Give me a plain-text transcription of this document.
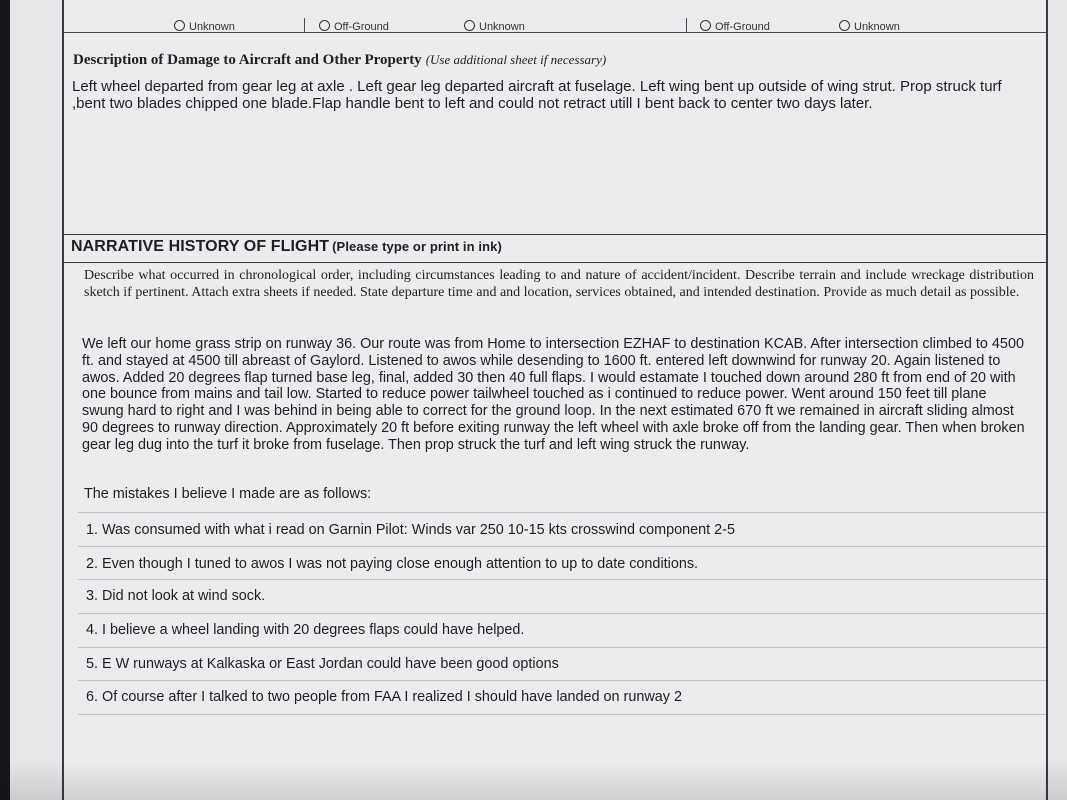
Unknown	Off-Ground	Unknown	Off-Ground	Unknown
Description of Damage to Aircraft and Other Property (Use additional sheet if necessary)
Left wheel departed from gear leg at axle . Left gear leg departed aircraft at fuselage. Left wing bent up outside of wing strut. Prop struck turf ,bent two blades chipped one blade.Flap handle bent to left and could not retract utill I bent back to center two days later.
NARRATIVE HISTORY OF FLIGHT (Please type or print in ink)
Describe what occurred in chronological order, including circumstances leading to and nature of accident/incident. Describe terrain and include wreckage distribution sketch if pertinent. Attach extra sheets if needed. State departure time and and location, services obtained, and intended destination. Provide as much detail as possible.
We left our home grass strip on runway 36. Our route was from Home to intersection EZHAF to destination KCAB. After intersection climbed to 4500 ft. and stayed at 4500 till abreast of Gaylord. Listened to awos while desending to 1600 ft. entered left downwind for runway 20. Again listened to awos. Added 20 degrees flap turned base leg, final, added 30 then 40 full flaps. I would estamate I touched down around 280 ft from end of 20 with one bounce from mains and tail low. Started to reduce power tailwheel touched as i continued to reduce power. Went around 150 feet till plane swung hard to right and I was behind in being able to correct for the ground loop. In the next estimated 670 ft we remained in aircraft sliding almost 90 degrees to runway direction. Approximately 20 ft before exiting runway the left wheel with axle broke off from the landing gear. Then when broken gear leg dug into the turf it broke from fuselage. Then prop struck the turf and left wing struck the runway.
The mistakes I believe I made are as follows:
1. Was consumed with what i read on Garnin Pilot: Winds var 250 10-15 kts crosswind component 2-5
2. Even though I tuned to awos I was not paying close enough attention to up to date conditions.
3. Did not look at wind sock.
4. I believe a wheel landing with 20 degrees flaps could have helped.
5. E W runways at Kalkaska or East Jordan could have been good options
6. Of course after I talked to two people from FAA I realized I should have landed on runway 2
